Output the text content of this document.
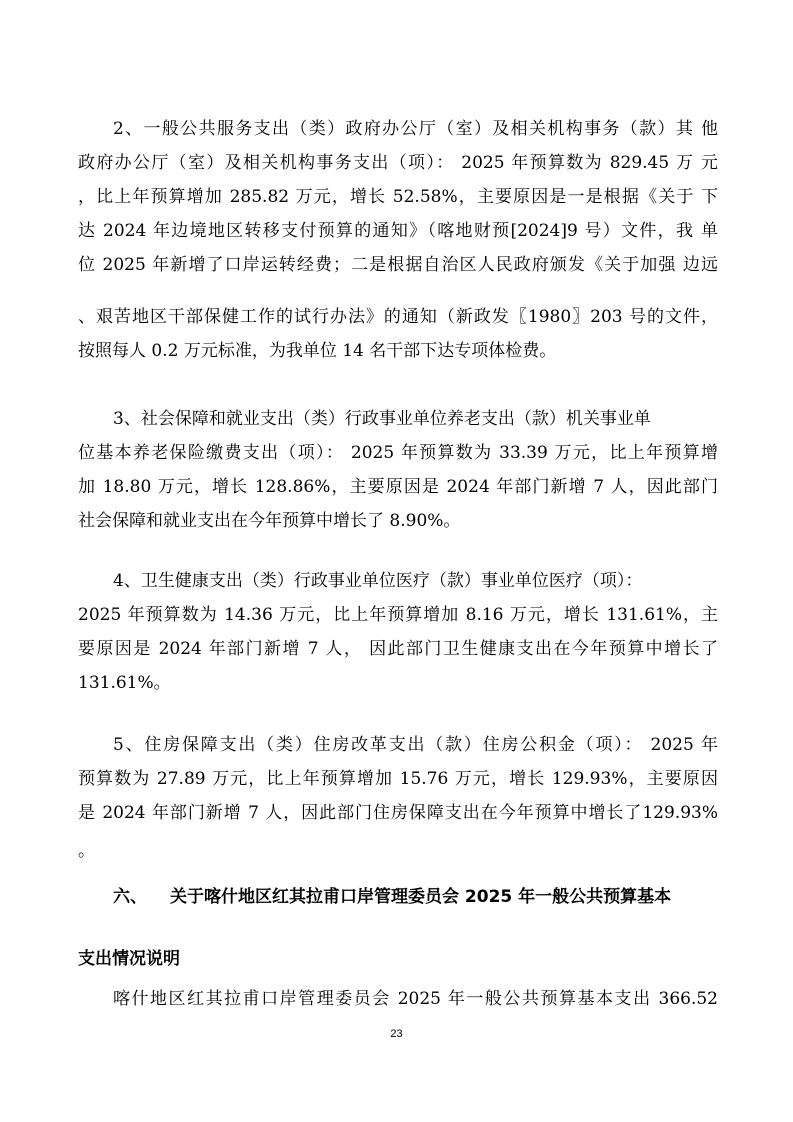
2、一般公共服务支出（类）政府办公厅（室）及相关机构事务（款）其 他

政府办公厅（室）及相关机构事务支出（项）： 2025 年预算数为 829.45 万 元

，比上年预算增加 285.82 万元，增长 52.58%，主要原因是一是根据《关于 下

达 2024 年边境地区转移支付预算的通知》（喀地财预[2024]9 号）文件，我 单

位 2025 年新增了口岸运转经费；二是根据自治区人民政府颁发《关于加强 边远

、艰苦地区干部保健工作的试行办法》的通知（新政发〖1980〗203 号的文件，

按照每人 0.2 万元标准，为我单位 14 名干部下达专项体检费。

3、社会保障和就业支出（类）行政事业单位养老支出（款）机关事业单

位基本养老保险缴费支出（项）： 2025 年预算数为 33.39 万元，比上年预算增

加 18.80 万元，增长 128.86%，主要原因是 2024 年部门新增 7 人，因此部门

社会保障和就业支出在今年预算中增长了 8.90%。

4、卫生健康支出（类）行政事业单位医疗（款）事业单位医疗（项）：

2025 年预算数为 14.36 万元，比上年预算增加 8.16 万元，增长 131.61%，主

要原因是 2024 年部门新增 7 人， 因此部门卫生健康支出在今年预算中增长了

131.61%。

5、住房保障支出（类）住房改革支出（款）住房公积金（项）： 2025 年

预算数为 27.89 万元，比上年预算增加 15.76 万元，增长 129.93%，主要原因

是 2024 年部门新增 7 人，因此部门住房保障支出在今年预算中增长了129.93%

。

六、 关于喀什地区红其拉甫口岸管理委员会 2025 年一般公共预算基本

支出情况说明

喀什地区红其拉甫口岸管理委员会 2025 年一般公共预算基本支出 366.52

23
